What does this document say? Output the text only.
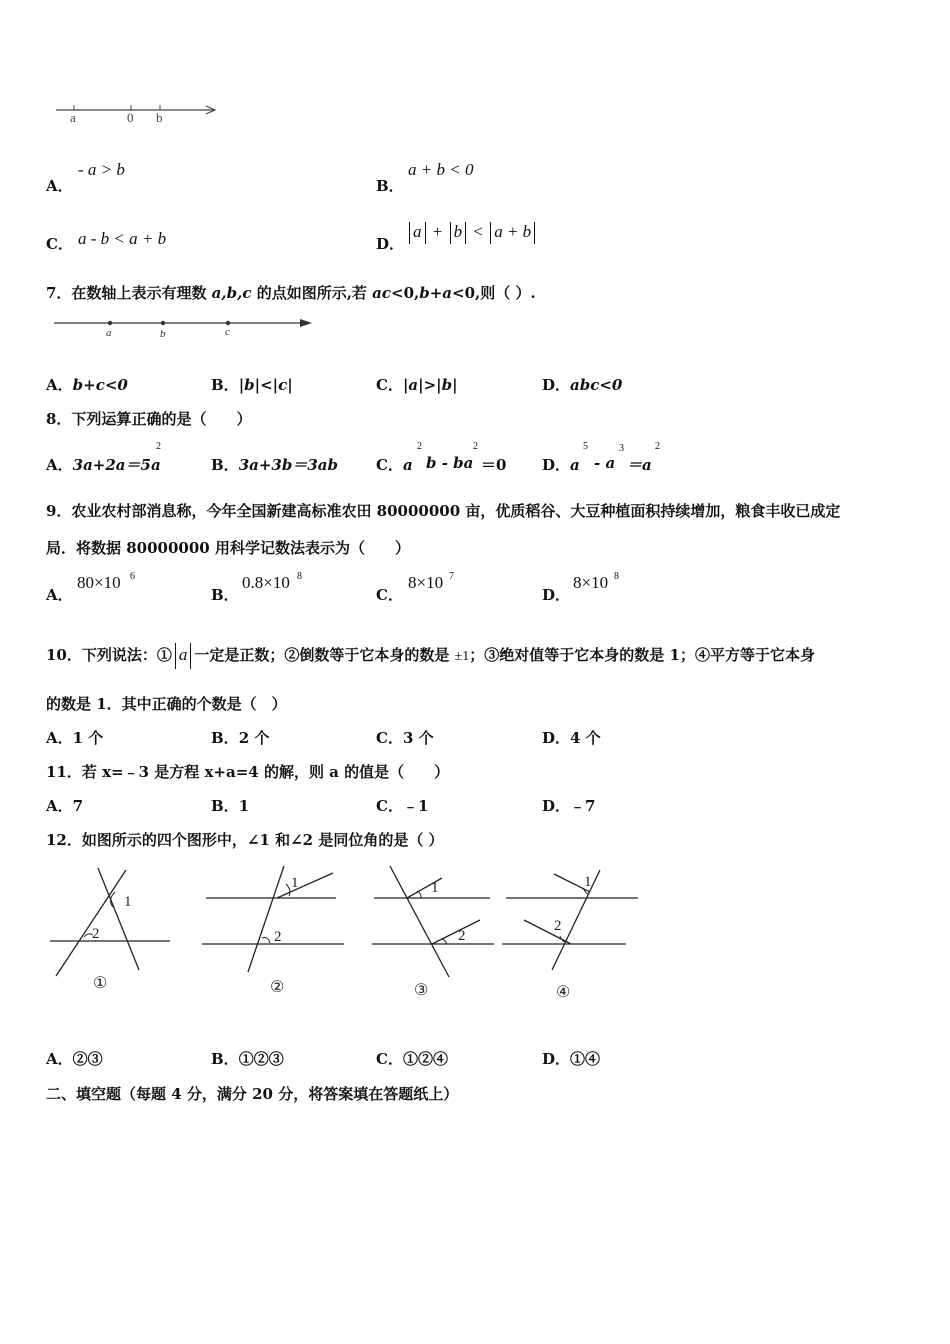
a	0 b
A．
- a > b
B．
a + b < 0
C． a - b < a + b	D．
a + b < a + b
7．在数轴上表示有理数 a,b,c 的点如图所示,若 ac<0,b+a<0,则（ ）.
a	b	c
A．b+c<0	B．|b|<|c|	C．|a|>|b|	D．abc<0
8．下列运算正确的是（　　）
A．3a+2a＝5a
2
B．3a+3b＝3ab	C．a
2
b - ba
2
＝0 D．a
5
- a
3
＝a
2
9．农业农村部消息称，今年全国新建高标准农田 80000000 亩，优质稻谷、大豆种植面积持续增加，粮食丰收已成定
局．将数据 80000000 用科学记数法表示为（　　）
A．
80×10 6
B．
0.8×10 8
C．
8×10 7
D．
8×10 8
10．下列说法：① a 一定是正数；②倒数等于它本身的数是 ±1；③绝对值等于它本身的数是 1；④平方等于它本身
的数是 1．其中正确的个数是（　）
A．1 个	B．2 个	C．3 个	D．4 个
11．若 x=﹣3 是方程 x+a=4 的解，则 a 的值是（　　）
A．7	B．1	C．﹣1	D．﹣7
12．如图所示的四个图形中，∠1 和∠2 是同位角的是（ ）
1
2
①
1
2
②
1
2
③
1
2
④
A．②③	B．①②③	C．①②④	D．①④
二、填空题（每题 4 分，满分 20 分，将答案填在答题纸上）
